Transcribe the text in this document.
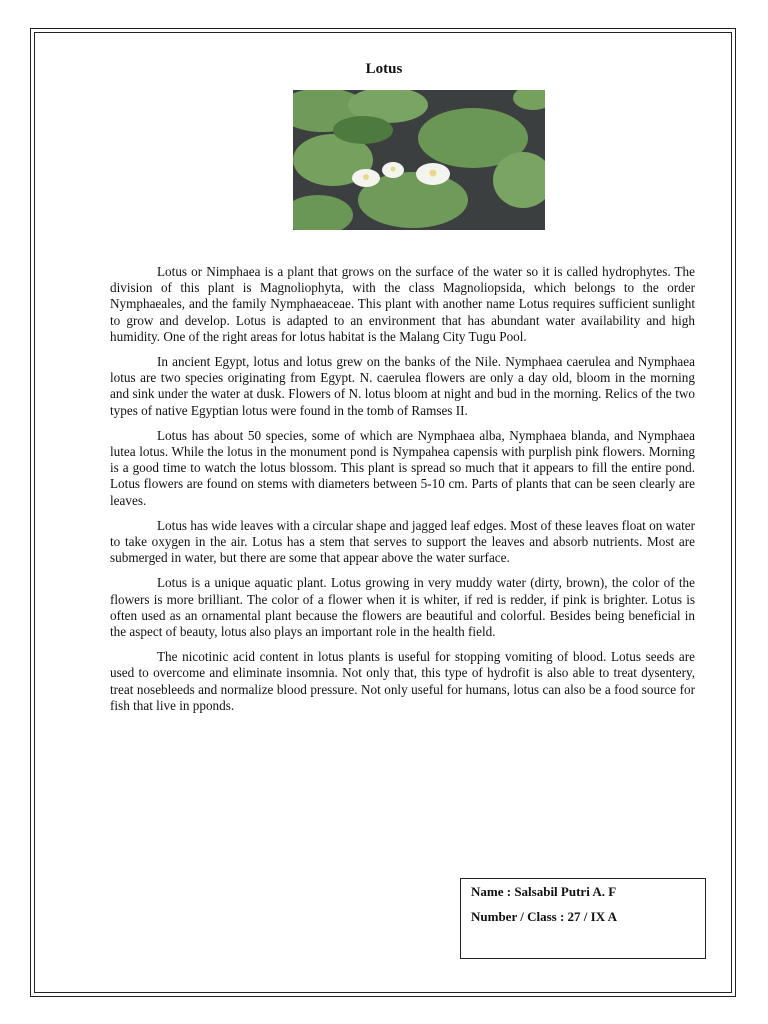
Lotus

Lotus or Nimphaea is a plant that grows on the surface of the water so it is called hydrophytes. The division of this plant is Magnoliophyta, with the class Magnoliopsida, which belongs to the order Nymphaeales, and the family Nymphaeaceae. This plant with another name Lotus requires sufficient sunlight to grow and develop. Lotus is adapted to an environment that has abundant water availability and high humidity. One of the right areas for lotus habitat is the Malang City Tugu Pool.

In ancient Egypt, lotus and lotus grew on the banks of the Nile. Nymphaea caerulea and Nymphaea lotus are two species originating from Egypt. N. caerulea flowers are only a day old, bloom in the morning and sink under the water at dusk. Flowers of N. lotus bloom at night and bud in the morning. Relics of the two types of native Egyptian lotus were found in the tomb of Ramses II.

Lotus has about 50 species, some of which are Nymphaea alba, Nymphaea blanda, and Nymphaea lutea lotus. While the lotus in the monument pond is Nympahea capensis with purplish pink flowers. Morning is a good time to watch the lotus blossom. This plant is spread so much that it appears to fill the entire pond. Lotus flowers are found on stems with diameters between 5-10 cm. Parts of plants that can be seen clearly are leaves.

Lotus has wide leaves with a circular shape and jagged leaf edges. Most of these leaves float on water to take oxygen in the air. Lotus has a stem that serves to support the leaves and absorb nutrients. Most are submerged in water, but there are some that appear above the water surface.

Lotus is a unique aquatic plant. Lotus growing in very muddy water (dirty, brown), the color of the flowers is more brilliant. The color of a flower when it is whiter, if red is redder, if pink is brighter. Lotus is often used as an ornamental plant because the flowers are beautiful and colorful. Besides being beneficial in the aspect of beauty, lotus also plays an important role in the health field.

The nicotinic acid content in lotus plants is useful for stopping vomiting of blood. Lotus seeds are used to overcome and eliminate insomnia. Not only that, this type of hydrofit is also able to treat dysentery, treat nosebleeds and normalize blood pressure. Not only useful for humans, lotus can also be a food source for fish that live in pponds.

Name : Salsabil Putri A. F
Number / Class : 27 / IX A
